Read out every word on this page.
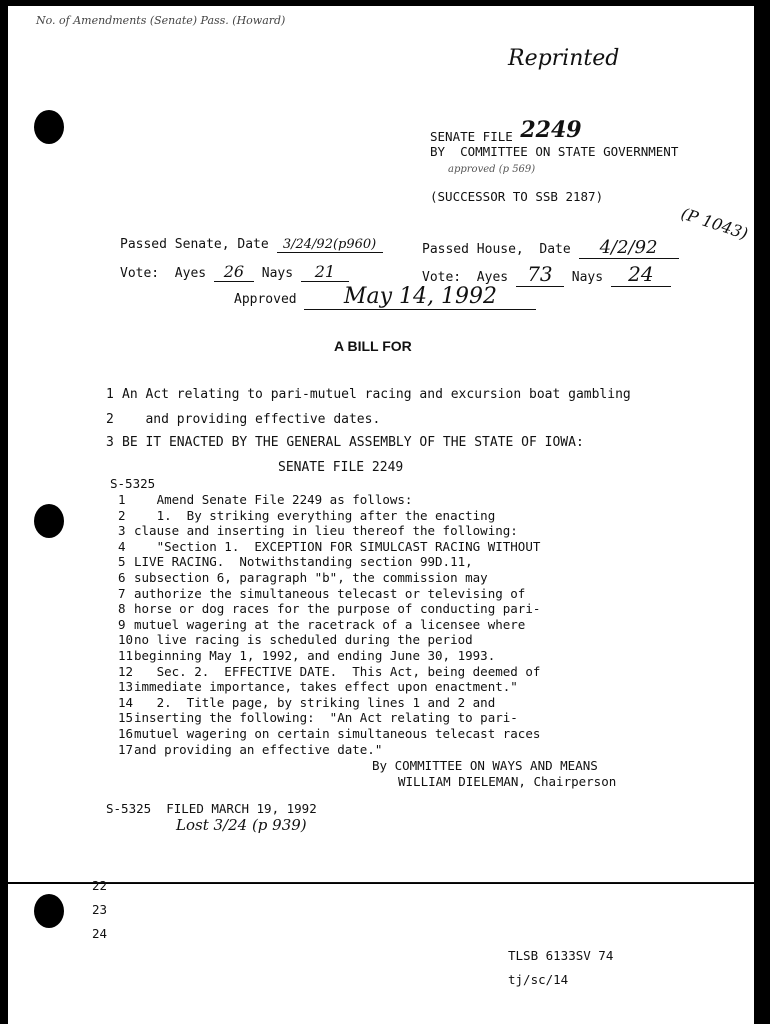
No. of Amendments (Senate) Pass. (Howard)
Reprinted
SENATE FILE 2249
BY  COMMITTEE ON STATE GOVERNMENT
approved (p 569)
(SUCCESSOR TO SSB 2187)
(P 1043)
Passed Senate, Date 3/24/92(p960)	Passed House,  Date 4/2/92
Vote:  Ayes 26 Nays 21	Vote:  Ayes 73 Nays 24
Approved May 14, 1992
A BILL FOR
1 An Act relating to pari-mutuel racing and excursion boat gambling
2   and providing effective dates.
3 BE IT ENACTED BY THE GENERAL ASSEMBLY OF THE STATE OF IOWA:
SENATE FILE 2249
S-5325
1   Amend Senate File 2249 as follows:
2   1.  By striking everything after the enacting
3 clause and inserting in lieu thereof the following:
4   "Section 1.  EXCEPTION FOR SIMULCAST RACING WITHOUT
5 LIVE RACING.  Notwithstanding section 99D.11,
6 subsection 6, paragraph "b", the commission may
7 authorize the simultaneous telecast or televising of
8 horse or dog races for the purpose of conducting pari-
9 mutuel wagering at the racetrack of a licensee where
10no live racing is scheduled during the period
11beginning May 1, 1992, and ending June 30, 1993.
12   Sec. 2.  EFFECTIVE DATE.  This Act, being deemed of
13immediate importance, takes effect upon enactment."
14   2.  Title page, by striking lines 1 and 2 and
15inserting the following:  "An Act relating to pari-
16mutuel wagering on certain simultaneous telecast races
17and providing an effective date."
By COMMITTEE ON WAYS AND MEANS
WILLIAM DIELEMAN, Chairperson
S-5325 FILED MARCH 19, 1992
Lost 3/24 (p 939)
22
23
24
TLSB 6133SV 74
tj/sc/14
